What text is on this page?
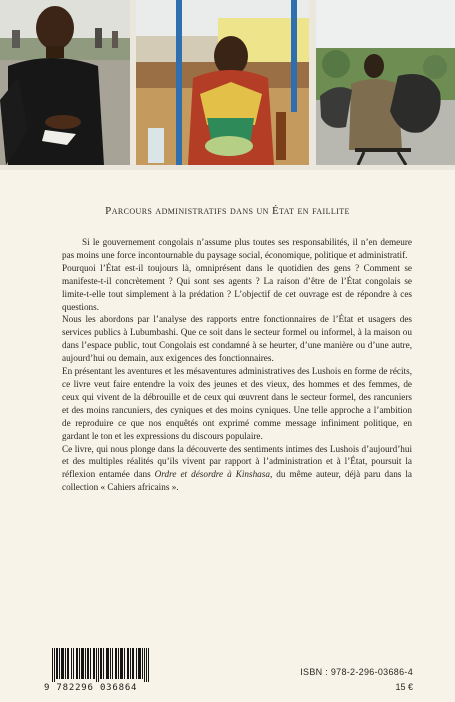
Parcours administratifs dans un État en faillite

Si le gouvernement congolais n’assume plus toutes ses responsabilités, il n’en demeure pas moins une force incontournable du paysage social, économique, politique et administratif.

Pourquoi l’État est-il toujours là, omniprésent dans le quotidien des gens ? Comment se manifeste-t-il concrètement ? Qui sont ses agents ? La raison d’être de l’État congolais se limite-t-elle tout simplement à la prédation ? L’objectif de cet ouvrage est de répondre à ces questions.

Nous les abordons par l’analyse des rapports entre fonctionnaires de l’État et usagers des services publics à Lubumbashi. Que ce soit dans le secteur formel ou informel, à la maison ou dans l’espace public, tout Congolais est condamné à se heurter, d’une manière ou d’une autre, aujourd’hui ou demain, aux exigences des fonctionnaires.

En présentant les aventures et les mésaventures administratives des Lushois en forme de récits, ce livre veut faire entendre la voix des jeunes et des vieux, des hommes et des femmes, de ceux qui vivent de la débrouille et de ceux qui œuvrent dans le secteur formel, des rancuniers et des moins rancuniers, des cyniques et des moins cyniques. Une telle approche a l’ambition de reproduire ce que nos enquêtés ont exprimé comme message infiniment politique, en gardant le ton et les expressions du discours populaire.

Ce livre, qui nous plonge dans la découverte des sentiments intimes des Lushois d’aujourd’hui et des multiples réalités qu’ils vivent par rapport à l’administration et à l’État, poursuit la réflexion entamée dans Ordre et désordre à Kinshasa, du même auteur, déjà paru dans la collection « Cahiers africains ».

9 782296 036864
ISBN : 978-2-296-03686-4
15 €
